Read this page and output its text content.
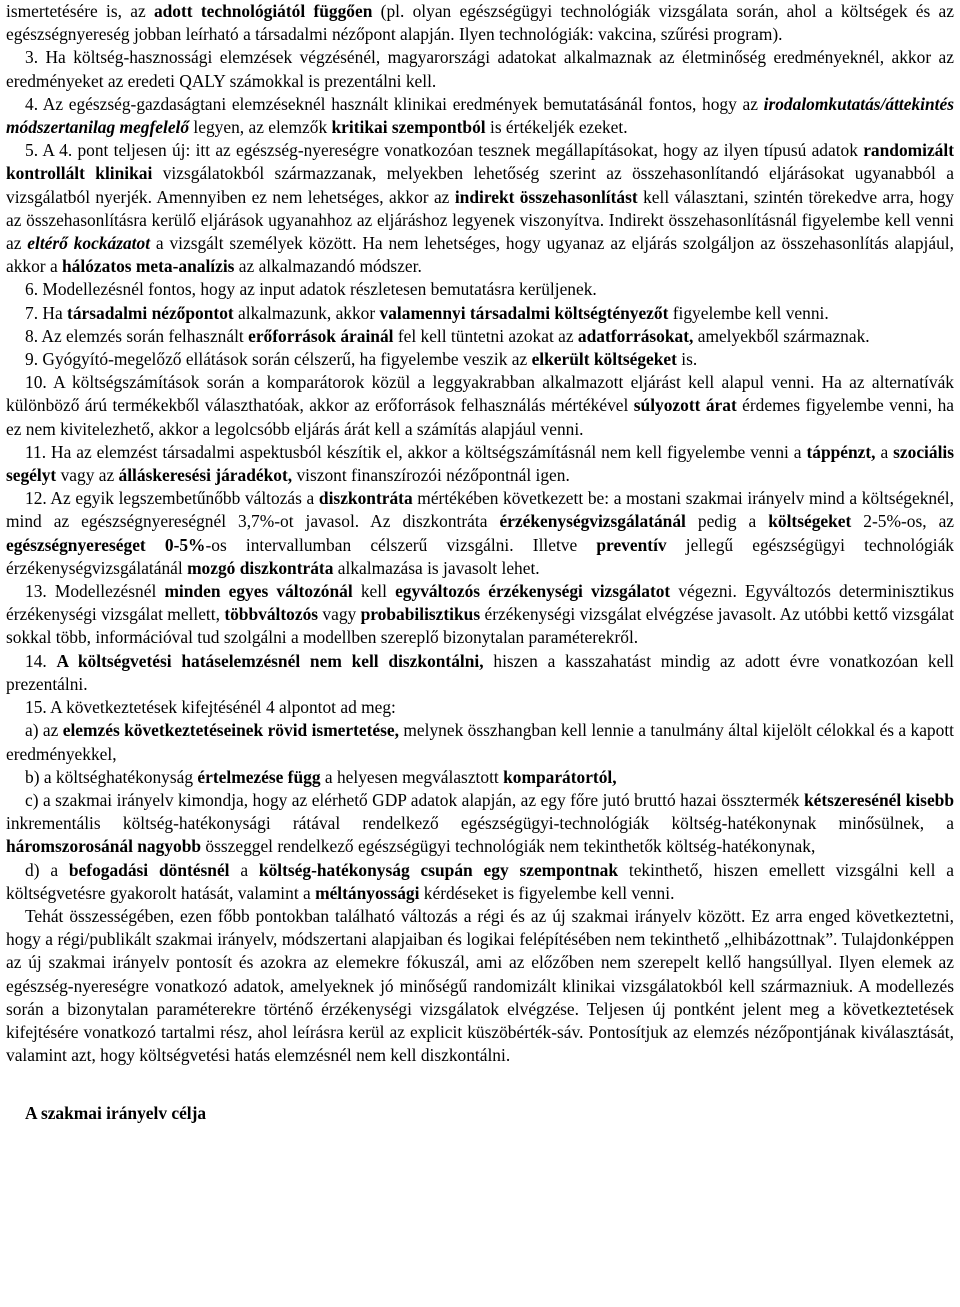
ismertetésére is, az adott technológiától függően (pl. olyan egészségügyi technológiák vizsgálata során, ahol a költségek és az egészségnyereség jobban leírható a társadalmi nézőpont alapján. Ilyen technológiák: vakcina, szűrési program).

3. Ha költség-hasznossági elemzések végzésénél, magyarországi adatokat alkalmaznak az életminőség eredményeknél, akkor az eredményeket az eredeti QALY számokkal is prezentálni kell.

4. Az egészség-gazdaságtani elemzéseknél használt klinikai eredmények bemutatásánál fontos, hogy az irodalomkutatás/áttekintés módszertanilag megfelelő legyen, az elemzők kritikai szempontból is értékeljék ezeket.

5. A 4. pont teljesen új: itt az egészség-nyereségre vonatkozóan tesznek megállapításokat, hogy az ilyen típusú adatok randomizált kontrollált klinikai vizsgálatokból származzanak, melyekben lehetőség szerint az összehasonlítandó eljárásokat ugyanabból a vizsgálatból nyerjék. Amennyiben ez nem lehetséges, akkor az indirekt összehasonlítást kell választani, szintén törekedve arra, hogy az összehasonlításra kerülő eljárások ugyanahhoz az eljáráshoz legyenek viszonyítva. Indirekt összehasonlításnál figyelembe kell venni az eltérő kockázatot a vizsgált személyek között. Ha nem lehetséges, hogy ugyanaz az eljárás szolgáljon az összehasonlítás alapjául, akkor a hálózatos meta-analízis az alkalmazandó módszer.

6. Modellezésnél fontos, hogy az input adatok részletesen bemutatásra kerüljenek.

7. Ha társadalmi nézőpontot alkalmazunk, akkor valamennyi társadalmi költségtényezőt figyelembe kell venni.

8. Az elemzés során felhasznált erőforrások árainál fel kell tüntetni azokat az adatforrásokat, amelyekből származnak.

9. Gyógyító-megelőző ellátások során célszerű, ha figyelembe veszik az elkerült költségeket is.

10. A költségszámítások során a komparátorok közül a leggyakrabban alkalmazott eljárást kell alapul venni. Ha az alternatívák különböző árú termékekből választhatóak, akkor az erőforrások felhasználás mértékével súlyozott árat érdemes figyelembe venni, ha ez nem kivitelezhető, akkor a legolcsóbb eljárás árát kell a számítás alapjául venni.

11. Ha az elemzést társadalmi aspektusból készítik el, akkor a költségszámításnál nem kell figyelembe venni a táppénzt, a szociális segélyt vagy az álláskeresési járadékot, viszont finanszírozói nézőpontnál igen.

12. Az egyik legszembetűnőbb változás a diszkontráta mértékében következett be: a mostani szakmai irányelv mind a költségeknél, mind az egészségnyereségnél 3,7%-ot javasol. Az diszkontráta érzékenységvizsgálatánál pedig a költségeket 2-5%-os, az egészségnyereséget 0-5%-os intervallumban célszerű vizsgálni. Illetve preventív jellegű egészségügyi technológiák érzékenységvizsgálatánál mozgó diszkontráta alkalmazása is javasolt lehet.

13. Modellezésnél minden egyes változónál kell egyváltozós érzékenységi vizsgálatot végezni. Egyváltozós determinisztikus érzékenységi vizsgálat mellett, többváltozós vagy probabilisztikus érzékenységi vizsgálat elvégzése javasolt. Az utóbbi kettő vizsgálat sokkal több, információval tud szolgálni a modellben szereplő bizonytalan paraméterekről.

14. A költségvetési hatáselemzésnél nem kell diszkontálni, hiszen a kasszahatást mindig az adott évre vonatkozóan kell prezentálni.

15. A következtetések kifejtésénél 4 alpontot ad meg:

a) az elemzés következtetéseinek rövid ismertetése, melynek összhangban kell lennie a tanulmány által kijelölt célokkal és a kapott eredményekkel,

b) a költséghatékonyság értelmezése függ a helyesen megválasztott komparátortól,

c) a szakmai irányelv kimondja, hogy az elérhető GDP adatok alapján, az egy főre jutó bruttó hazai össztermék kétszeresénél kisebb inkrementális költség-hatékonysági rátával rendelkező egészségügyi-technológiák költség-hatékonynak minősülnek, a háromszorosánál nagyobb összeggel rendelkező egészségügyi technológiák nem tekinthetők költség-hatékonynak,

d) a befogadási döntésnél a költség-hatékonyság csupán egy szempontnak tekinthető, hiszen emellett vizsgálni kell a költségvetésre gyakorolt hatását, valamint a méltányossági kérdéseket is figyelembe kell venni.

Tehát összességében, ezen főbb pontokban található változás a régi és az új szakmai irányelv között. Ez arra enged következtetni, hogy a régi/publikált szakmai irányelv, módszertani alapjaiban és logikai felépítésében nem tekinthető „elhibázottnak”. Tulajdonképpen az új szakmai irányelv pontosít és azokra az elemekre fókuszál, ami az előzőben nem szerepelt kellő hangsúllyal. Ilyen elemek az egészség-nyereségre vonatkozó adatok, amelyeknek jó minőségű randomizált klinikai vizsgálatokból kell származniuk. A modellezés során a bizonytalan paraméterekre történő érzékenységi vizsgálatok elvégzése. Teljesen új pontként jelent meg a következtetések kifejtésére vonatkozó tartalmi rész, ahol leírásra kerül az explicit küszöbérték-sáv. Pontosítjuk az elemzés nézőpontjának kiválasztását, valamint azt, hogy költségvetési hatás elemzésnél nem kell diszkontálni.

A szakmai irányelv célja
